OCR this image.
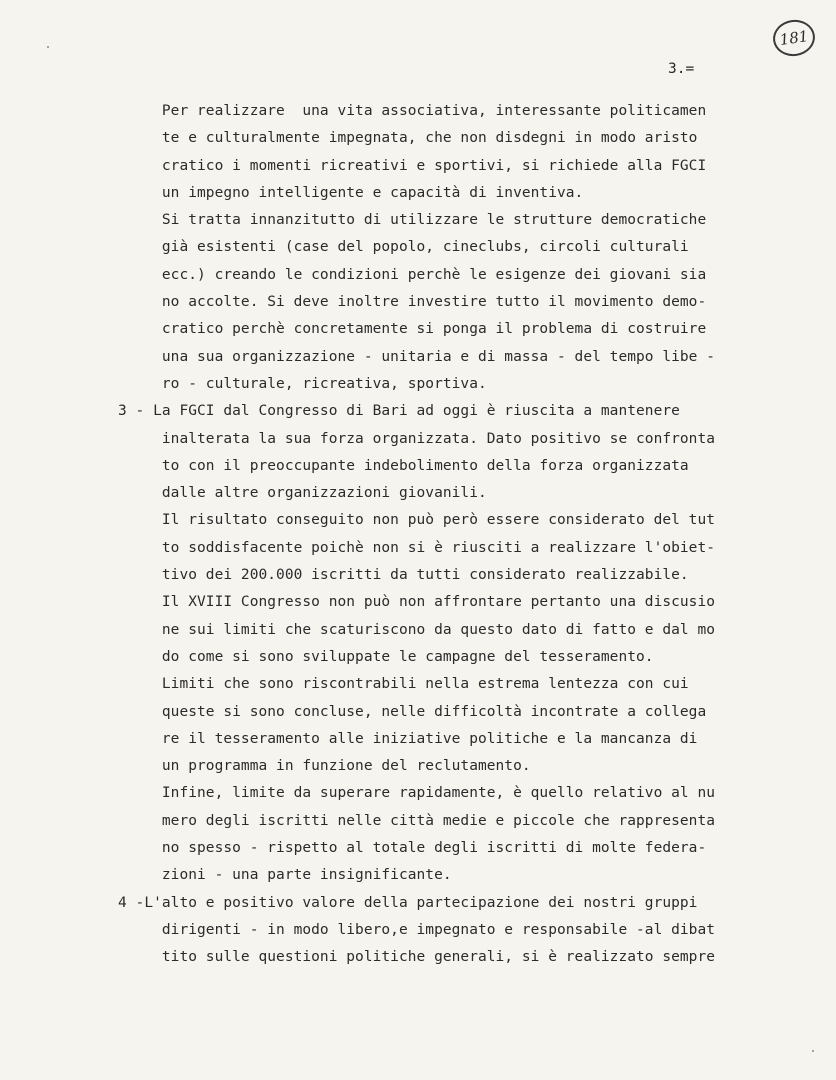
181
3.=
Per realizzare  una vita associativa, interessante politicamen
te e culturalmente impegnata, che non disdegni in modo aristo
cratico i momenti ricreativi e sportivi, si richiede alla FGCI
un impegno intelligente e capacità di inventiva.
Si tratta innanzitutto di utilizzare le strutture democratiche
già esistenti (case del popolo, cineclubs, circoli culturali
ecc.) creando le condizioni perchè le esigenze dei giovani sia
no accolte. Si deve inoltre investire tutto il movimento demo-
cratico perchè concretamente si ponga il problema di costruire
una sua organizzazione - unitaria e di massa - del tempo libe -
ro - culturale, ricreativa, sportiva.
3 - La FGCI dal Congresso di Bari ad oggi è riuscita a mantenere
inalterata la sua forza organizzata. Dato positivo se confronta
to con il preoccupante indebolimento della forza organizzata
dalle altre organizzazioni giovanili.
Il risultato conseguito non può però essere considerato del tut
to soddisfacente poichè non si è riusciti a realizzare l'obiet-
tivo dei 200.000 iscritti da tutti considerato realizzabile.
Il XVIII Congresso non può non affrontare pertanto una discusio
ne sui limiti che scaturiscono da questo dato di fatto e dal mo
do come si sono sviluppate le campagne del tesseramento.
Limiti che sono riscontrabili nella estrema lentezza con cui
queste si sono concluse, nelle difficoltà incontrate a collega
re il tesseramento alle iniziative politiche e la mancanza di
un programma in funzione del reclutamento.
Infine, limite da superare rapidamente, è quello relativo al nu
mero degli iscritti nelle città medie e piccole che rappresenta
no spesso - rispetto al totale degli iscritti di molte federa-
zioni - una parte insignificante.
4 -L'alto e positivo valore della partecipazione dei nostri gruppi
dirigenti - in modo libero,e impegnato e responsabile -al dibat
tito sulle questioni politiche generali, si è realizzato sempre
